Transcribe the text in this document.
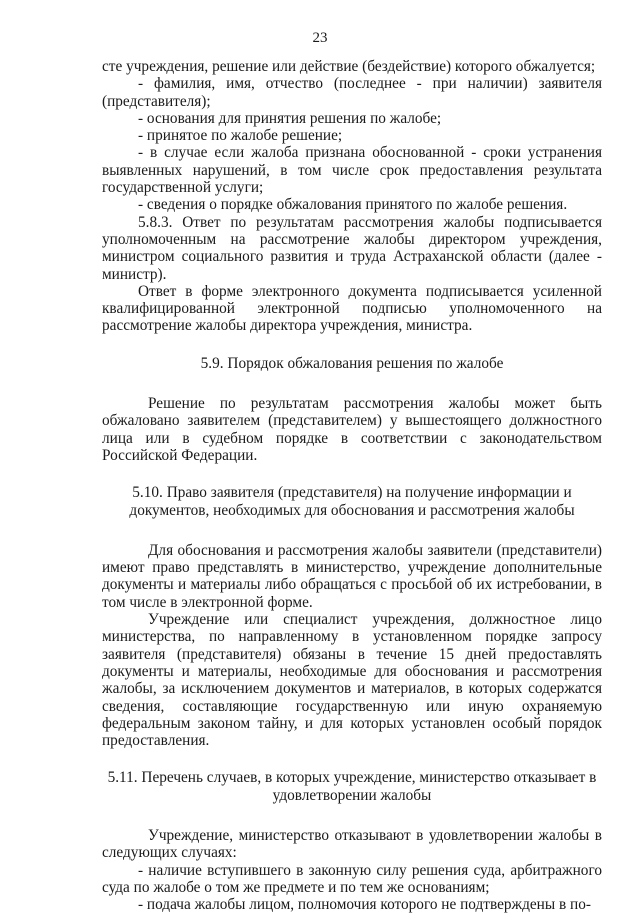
23

сте учреждения, решение или действие (бездействие) которого обжалуется;

- фамилия, имя, отчество (последнее - при наличии) заявителя (представителя);

- основания для принятия решения по жалобе;

- принятое по жалобе решение;

- в случае если жалоба признана обоснованной - сроки устранения выявленных нарушений, в том числе срок предоставления результата государственной услуги;

- сведения о порядке обжалования принятого по жалобе решения.

5.8.3. Ответ по результатам рассмотрения жалобы подписывается уполномоченным на рассмотрение жалобы директором учреждения, министром социального развития и труда Астраханской области (далее - министр).

Ответ в форме электронного документа подписывается усиленной квалифицированной электронной подписью уполномоченного на рассмотрение жалобы директора учреждения, министра.

5.9. Порядок обжалования решения по жалобе

Решение по результатам рассмотрения жалобы может быть обжаловано заявителем (представителем) у вышестоящего должностного лица или в судебном порядке в соответствии с законодательством Российской Федерации.

5.10. Право заявителя (представителя) на получение информации и документов, необходимых для обоснования и рассмотрения жалобы

Для обоснования и рассмотрения жалобы заявители (представители) имеют право представлять в министерство, учреждение дополнительные документы и материалы либо обращаться с просьбой об их истребовании, в том числе в электронной форме.

Учреждение или специалист учреждения, должностное лицо министерства, по направленному в установленном порядке запросу заявителя (представителя) обязаны в течение 15 дней предоставлять документы и материалы, необходимые для обоснования и рассмотрения жалобы, за исключением документов и материалов, в которых содержатся сведения, составляющие государственную или иную охраняемую федеральным законом тайну, и для которых установлен особый порядок предоставления.

5.11. Перечень случаев, в которых учреждение, министерство отказывает в удовлетворении жалобы

Учреждение, министерство отказывают в удовлетворении жалобы в следующих случаях:

- наличие вступившего в законную силу решения суда, арбитражного суда по жалобе о том же предмете и по тем же основаниям;

- подача жалобы лицом, полномочия которого не подтверждены в по-
